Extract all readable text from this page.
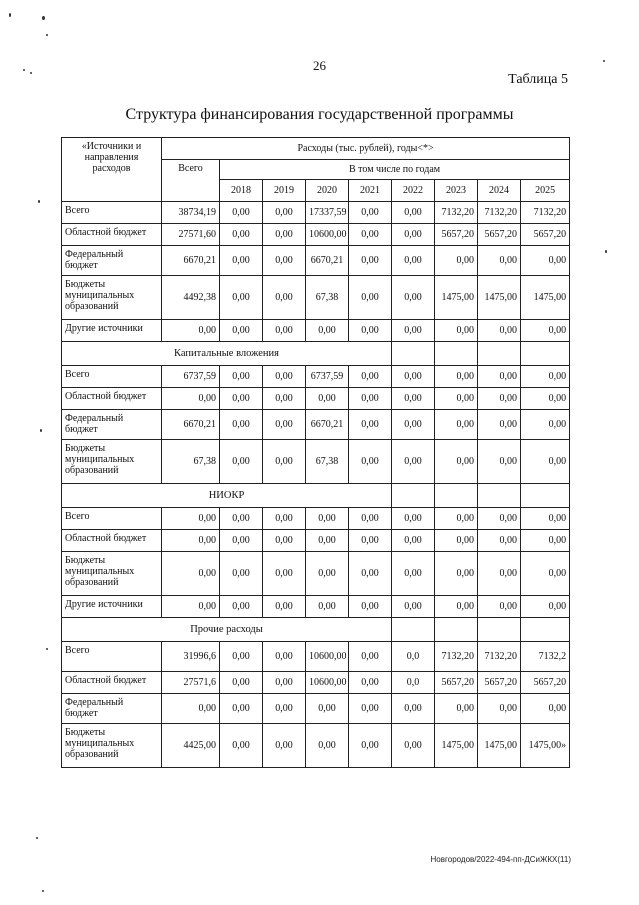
26
Таблица 5
Структура финансирования государственной программы
«Источники и направления расходов	Расходы (тыс. рублей), годы<*>								
	Всего	В том числе по годам							
		2018	2019	2020	2021	2022	2023	2024	2025
Всего	38734,19	0,00	0,00	17337,59	0,00	0,00	7132,20	7132,20	7132,20
Областной бюджет	27571,60	0,00	0,00	10600,00	0,00	0,00	5657,20	5657,20	5657,20
Федеральный бюджет	6670,21	0,00	0,00	6670,21	0,00	0,00	0,00	0,00	0,00
Бюджеты муниципальных образований	4492,38	0,00	0,00	67,38	0,00	0,00	1475,00	1475,00	1475,00
Другие источники	0,00	0,00	0,00	0,00	0,00	0,00	0,00	0,00	0,00
Капитальные вложения									
Всего	6737,59	0,00	0,00	6737,59	0,00	0,00	0,00	0,00	0,00
Областной бюджет	0,00	0,00	0,00	0,00	0,00	0,00	0,00	0,00	0,00
Федеральный бюджет	6670,21	0,00	0,00	6670,21	0,00	0,00	0,00	0,00	0,00
Бюджеты муниципальных образований	67,38	0,00	0,00	67,38	0,00	0,00	0,00	0,00	0,00
НИОКР									
Всего	0,00	0,00	0,00	0,00	0,00	0,00	0,00	0,00	0,00
Областной бюджет	0,00	0,00	0,00	0,00	0,00	0,00	0,00	0,00	0,00
Бюджеты муниципальных образований	0,00	0,00	0,00	0,00	0,00	0,00	0,00	0,00	0,00
Другие источники	0,00	0,00	0,00	0,00	0,00	0,00	0,00	0,00	0,00
Прочие расходы									
Всего	31996,6	0,00	0,00	10600,00	0,00	0,0	7132,20	7132,20	7132,2
Областной бюджет	27571,6	0,00	0,00	10600,00	0,00	0,0	5657,20	5657,20	5657,20
Федеральный бюджет	0,00	0,00	0,00	0,00	0,00	0,00	0,00	0,00	0,00
Бюджеты муниципальных образований	4425,00	0,00	0,00	0,00	0,00	0,00	1475,00	1475,00	1475,00»
Новгородов/2022-494-пп-ДСиЖКХ(11)
